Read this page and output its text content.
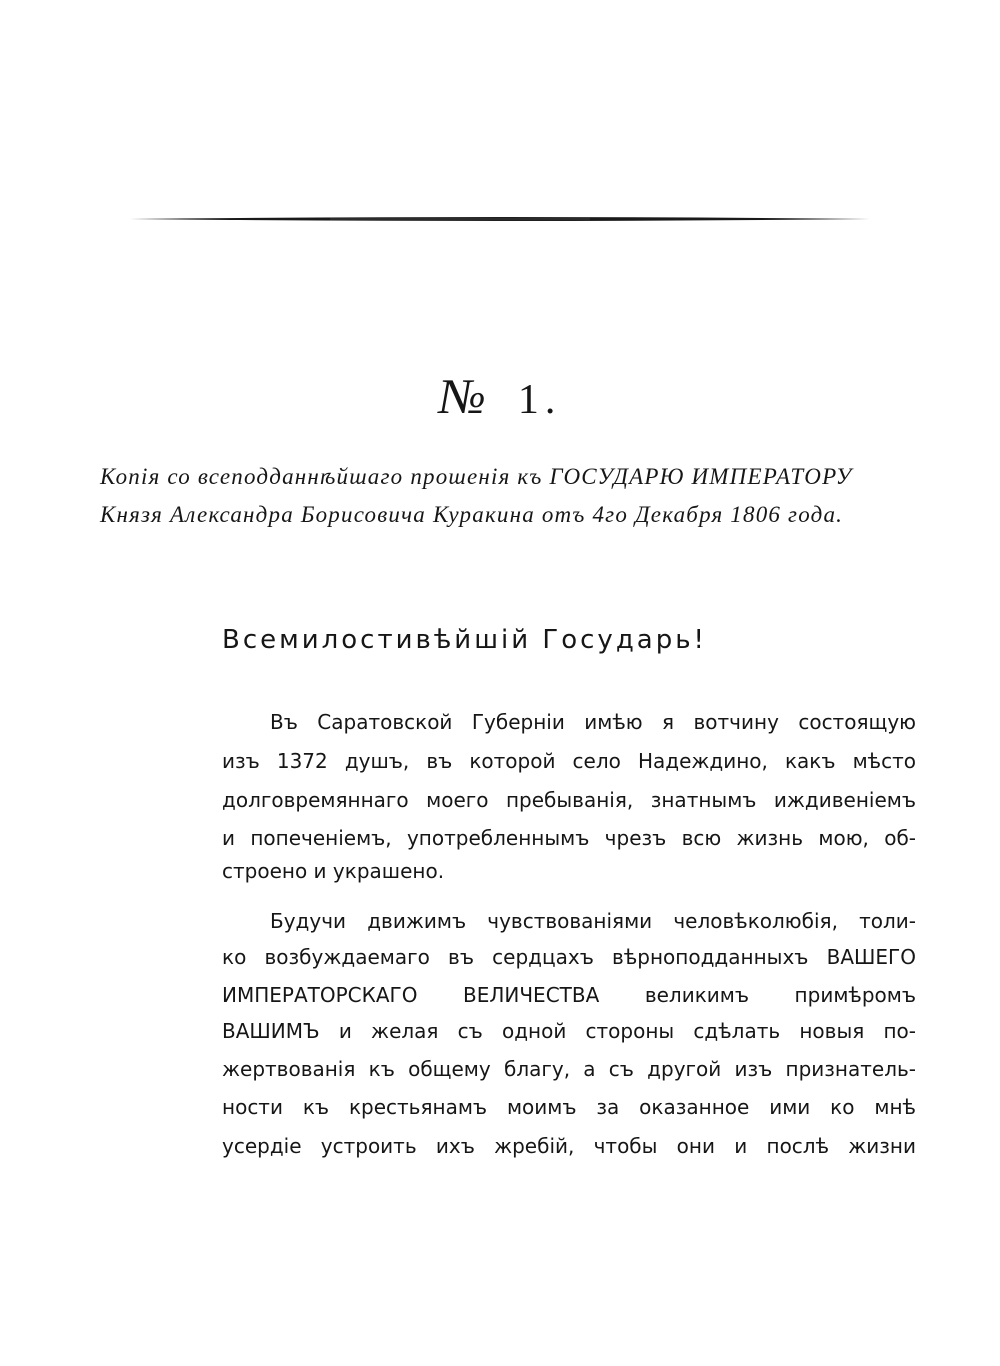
№ 1.
Копія со всеподданнѣйшаго прошенія къ ГОСУДАРЮ ИМПЕРАТОРУ
Князя Александра Борисовича Куракина отъ 4го Декабря 1806 года.
Всемилостивѣйшій Государь!
Въ Саратовской Губерніи имѣю я вотчину состоящую
изъ 1372 душъ, въ которой село Надеждино, какъ мѣсто
долговремяннаго моего пребыванія, знатнымъ иждивеніемъ
и попеченіемъ, употребленнымъ чрезъ всю жизнь мою, об-
строено и украшено.
Будучи движимъ чувствованіями человѣколюбія, толи-
ко возбуждаемаго въ сердцахъ вѣрноподданныхъ ВАШЕГО
ИМПЕРАТОРСКАГО ВЕЛИЧЕСТВА великимъ примѣромъ
ВАШИМЪ и желая съ одной стороны сдѣлать новыя по-
жертвованія къ общему благу, а съ другой изъ признатель-
ности къ крестьянамъ моимъ за оказанное ими ко мнѣ
усердіе устроить ихъ жребій, чтобы они и послѣ жизни
